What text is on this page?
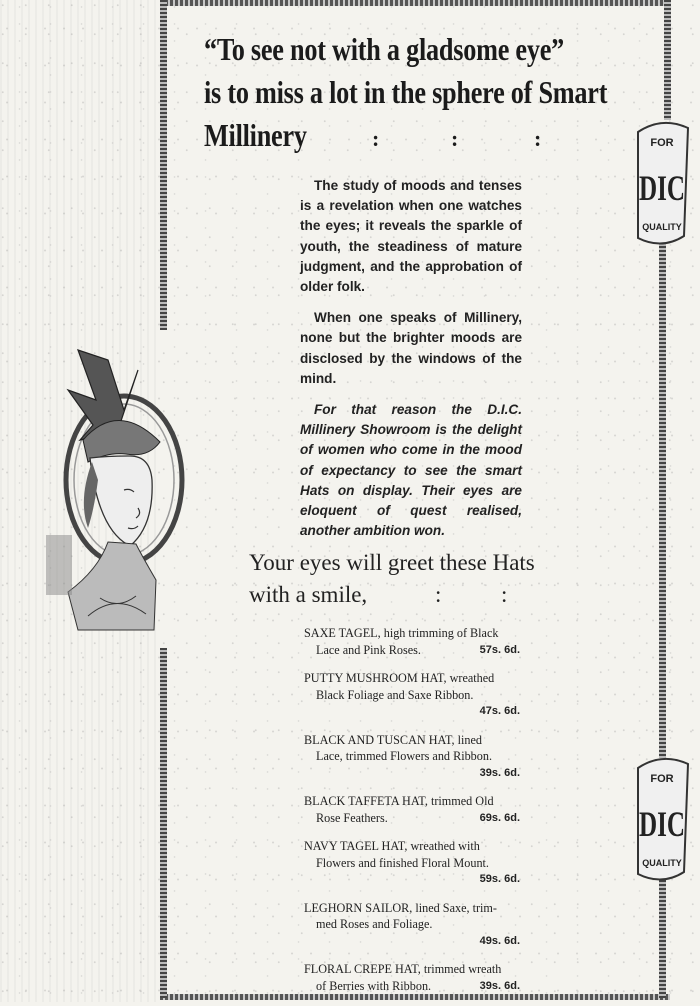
“To see not with a gladsome eye”
is to miss a lot in the sphere of Smart
Millinery	:	:	:

The study of moods and tenses is a revelation when one watches the eyes; it reveals the sparkle of youth, the steadiness of mature judgment, and the approbation of older folk.

When one speaks of Millinery, none but the brighter moods are disclosed by the windows of the mind.

For that reason the D.I.C. Millinery Showroom is the delight of women who come in the mood of expectancy to see the smart Hats on display. Their eyes are eloquent of quest realised, another ambition won.

FOR
DIC
QUALITY
FOR
DIC
QUALITY
Your eyes will greet these Hats
with a smile,	:	:
SAXE TAGEL, high trimming of Black
Lace and Pink Roses.	57s. 6d.
PUTTY MUSHROOM HAT, wreathed
Black Foliage and Saxe Ribbon.
47s. 6d.
BLACK AND TUSCAN HAT, lined
Lace, trimmed Flowers and Ribbon.
39s. 6d.
BLACK TAFFETA HAT, trimmed Old
Rose Feathers.	69s. 6d.
NAVY TAGEL HAT, wreathed with
Flowers and finished Floral Mount.
59s. 6d.
LEGHORN SAILOR, lined Saxe, trim-
med Roses and Foliage.
49s. 6d.
FLORAL CREPE HAT, trimmed wreath
of Berries with Ribbon.	39s. 6d.
